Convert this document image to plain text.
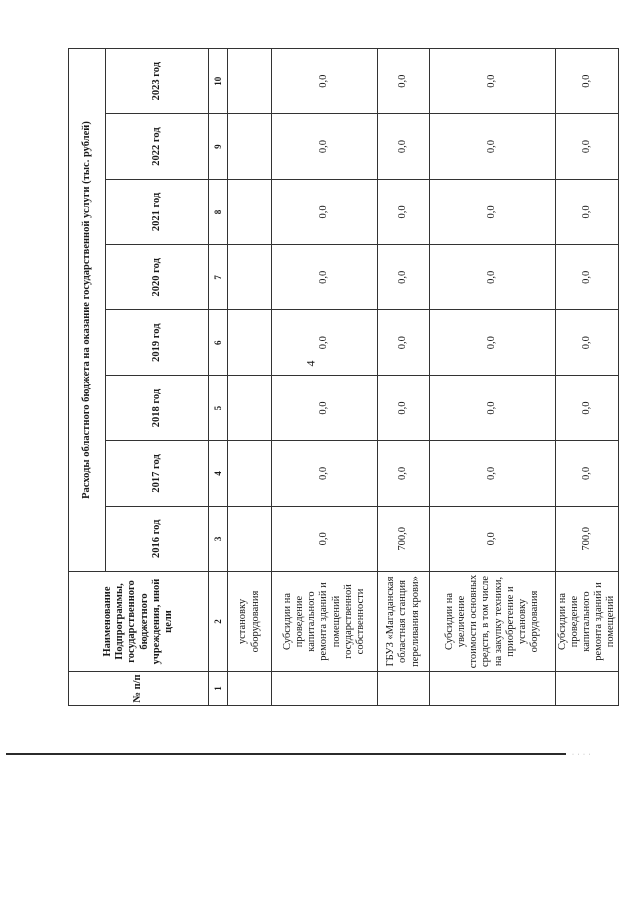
4
№ п/п	Наименование Подпрограммы, государственного бюджетного учреждения, иной цели	Расходы областного бюджета на оказание государственной услуги (тыс. рублей)							
		2016 год	2017 год	2018 год	2019 год	2020 год	2021 год	2022 год	2023 год
1	2	3	4	5	6	7	8	9	10
	установку оборудования								
	Субсидии на проведение капитального ремонта зданий и помещений государственной собственности	0,0	0,0	0,0	0,0	0,0	0,0	0,0	0,0
	ГБУЗ «Магаданская областная станция переливания крови»	700,0	0,0	0,0	0,0	0,0	0,0	0,0	0,0
	Субсидии на увеличение стоимости основных средств, в том числе на закупку техники, приобретение и установку оборудования	0,0	0,0	0,0	0,0	0,0	0,0	0,0	0,0
	Субсидии на проведение капитального ремонта зданий и помещений	700,0	0,0	0,0	0,0	0,0	0,0	0,0	0,0
· · · ·
